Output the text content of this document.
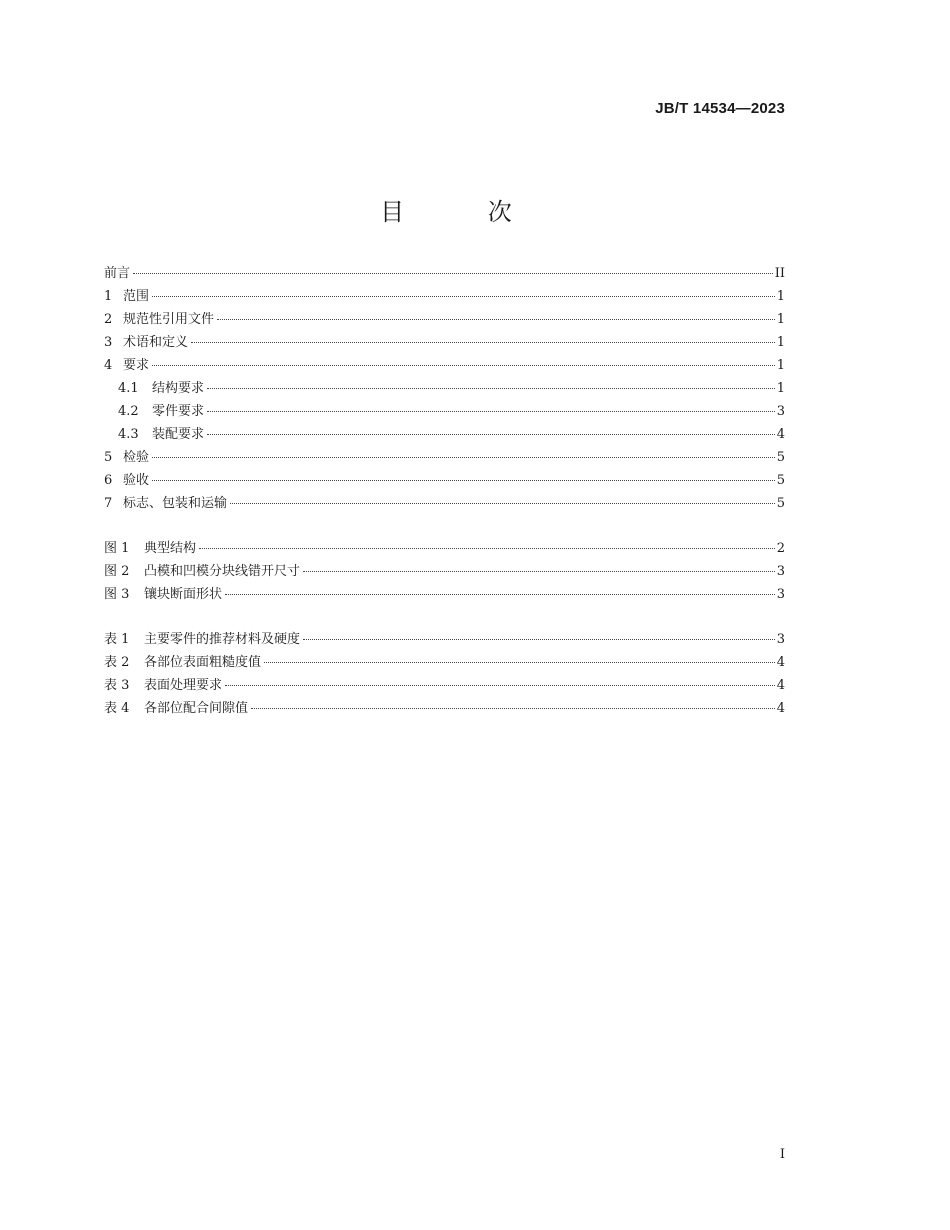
JB/T 14534—2023
目 次
前言	II
1 范围	1
2 规范性引用文件	1
3 术语和定义	1
4 要求	1
4.1	结构要求	1
4.2	零件要求	3
4.3	装配要求	4
5 检验	5
6 验收	5
7 标志、包装和运输	5
图 1	典型结构	2
图 2	凸模和凹模分块线错开尺寸	3
图 3	镶块断面形状	3
表 1	主要零件的推荐材料及硬度	3
表 2	各部位表面粗糙度值	4
表 3	表面处理要求	4
表 4	各部位配合间隙值	4
I
